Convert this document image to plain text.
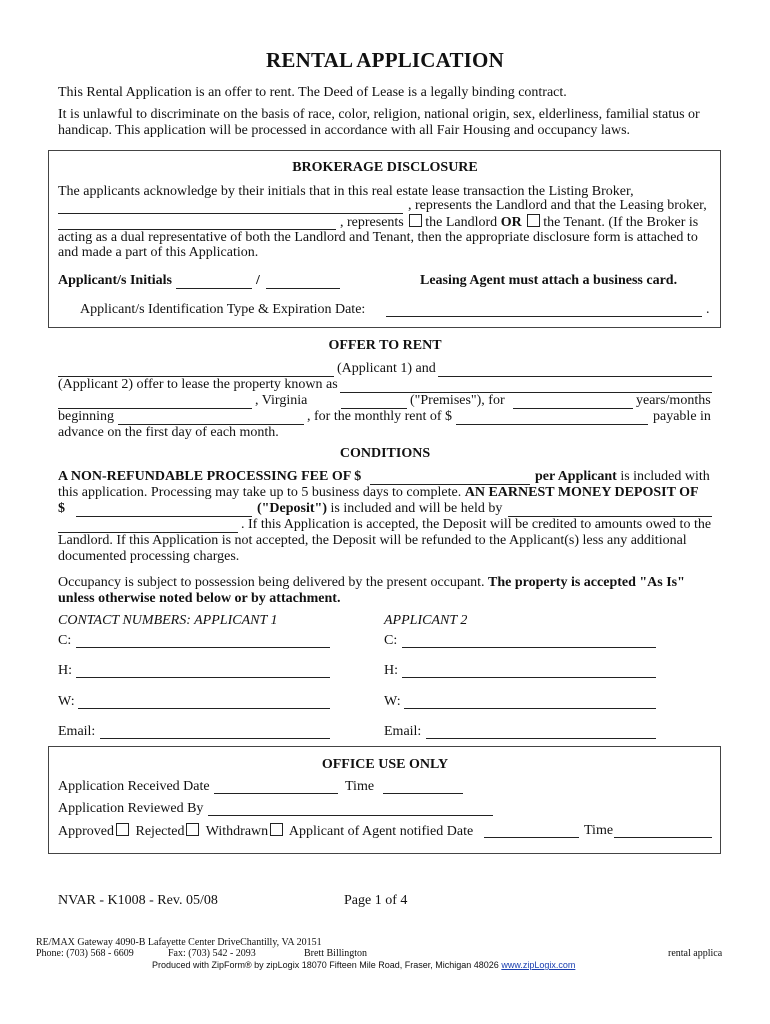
RENTAL APPLICATION
This Rental Application is an offer to rent. The Deed of Lease is a legally binding contract.
It is unlawful to discriminate on the basis of race, color, religion, national origin, sex, elderliness, familial status or
handicap. This application will be processed in accordance with all Fair Housing and occupancy laws.
BROKERAGE DISCLOSURE
The applicants acknowledge by their initials that in this real estate lease transaction the Listing Broker,
, represents the Landlord and that the Leasing broker,
, represents the Landlord OR the Tenant. (If the Broker is
acting as a dual representative of both the Landlord and Tenant, then the appropriate disclosure form is attached to
and made a part of this Application.
Applicant/s Initials	/	Leasing Agent must attach a business card.
Applicant/s Identification Type & Expiration Date:	.
OFFER TO RENT
(Applicant 1) and
(Applicant 2) offer to lease the property known as
, Virginia	("Premises"), for	years/months
beginning	, for the monthly rent of $	payable in
advance on the first day of each month.
CONDITIONS
A NON-REFUNDABLE PROCESSING FEE OF $	per Applicant is included with
this application. Processing may take up to 5 business days to complete. AN EARNEST MONEY DEPOSIT OF
$	("Deposit") is included and will be held by
. If this Application is accepted, the Deposit will be credited to amounts owed to the
Landlord. If this Application is not accepted, the Deposit will be refunded to the Applicant(s) less any additional
documented processing charges.
Occupancy is subject to possession being delivered by the present occupant. The property is accepted "As Is"
unless otherwise noted below or by attachment.
CONTACT NUMBERS: APPLICANT 1	APPLICANT 2
C:	C:
H:	H:
W:	W:
Email:	Email:
OFFICE USE ONLY
Application Received Date	Time
Application Reviewed By
Approved Rejected Withdrawn Applicant of Agent notified Date	Time
NVAR - K1008 - Rev. 05/08	Page 1 of 4
RE/MAX Gateway 4090-B Lafayette Center DriveChantilly, VA 20151
Phone: (703) 568 - 6609	Fax: (703) 542 - 2093	Brett Billington	rental applica
Produced with ZipForm® by zipLogix 18070 Fifteen Mile Road, Fraser, Michigan 48026 www.zipLogix.com
